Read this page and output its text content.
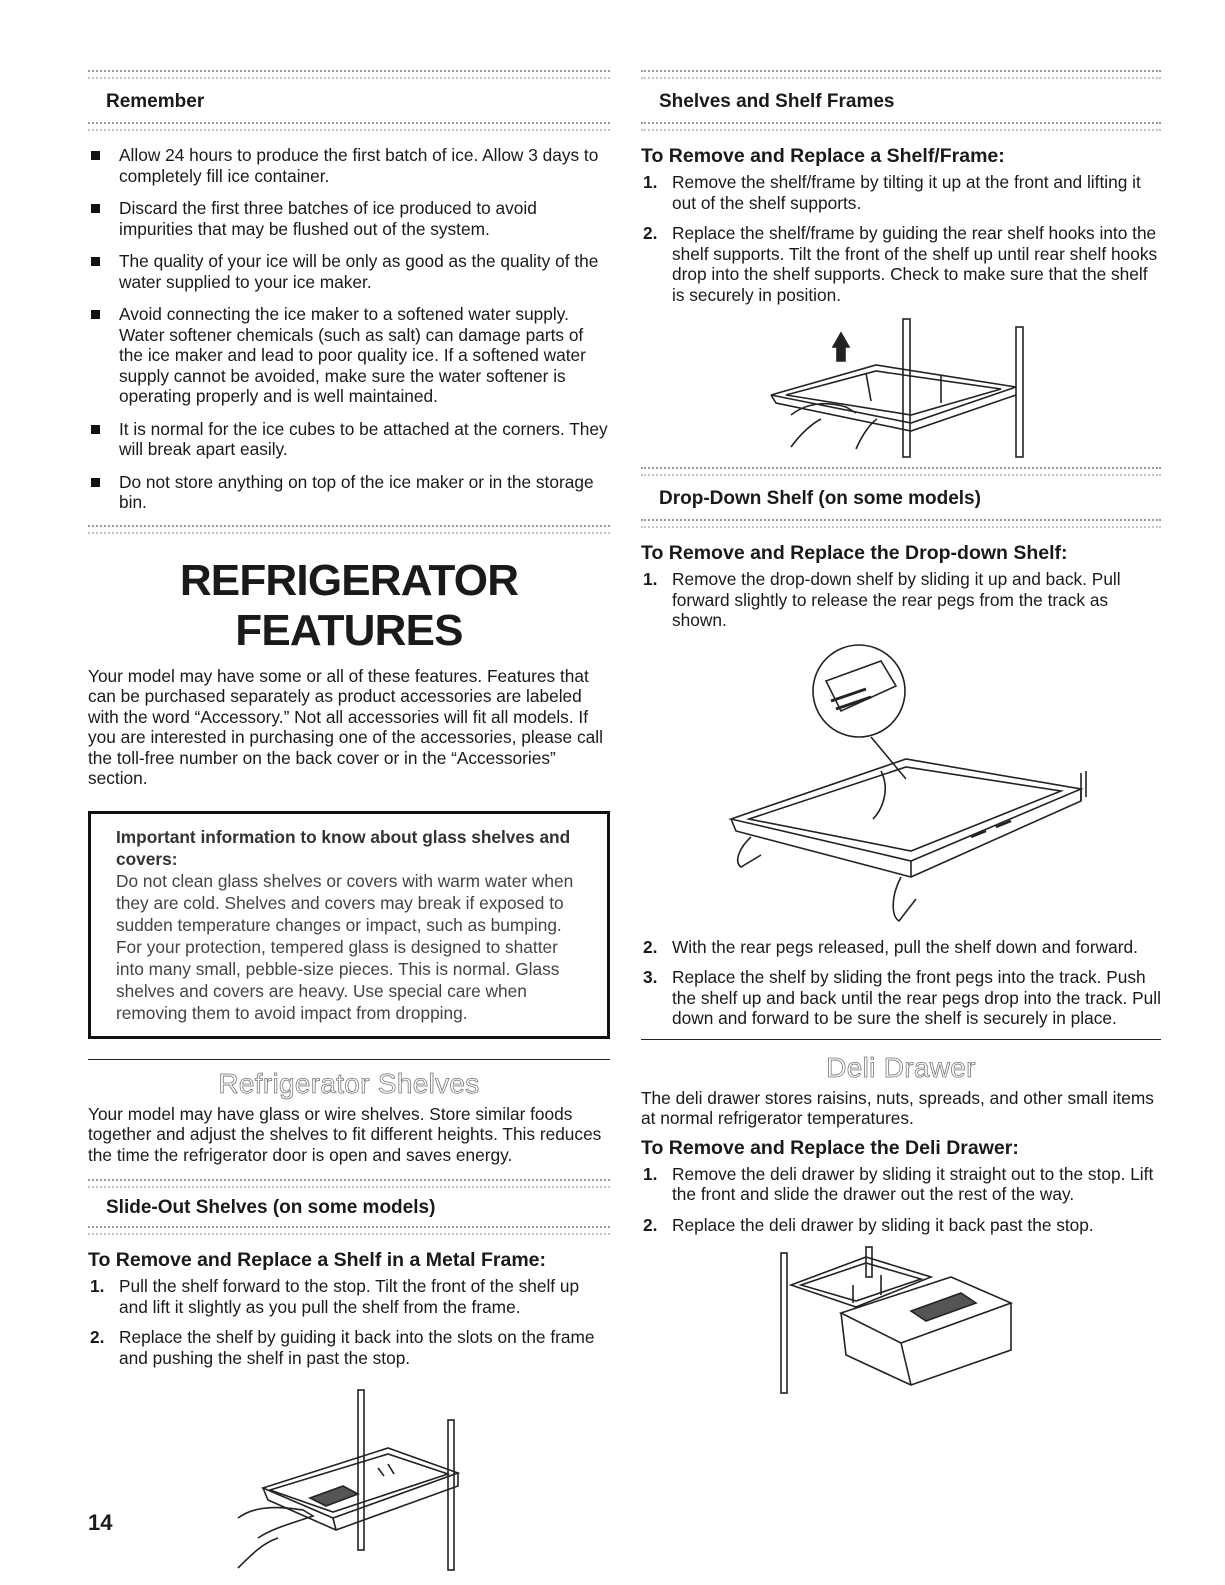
Remember
Allow 24 hours to produce the first batch of ice. Allow 3 days to completely fill ice container.
Discard the first three batches of ice produced to avoid impurities that may be flushed out of the system.
The quality of your ice will be only as good as the quality of the water supplied to your ice maker.
Avoid connecting the ice maker to a softened water supply. Water softener chemicals (such as salt) can damage parts of the ice maker and lead to poor quality ice. If a softened water supply cannot be avoided, make sure the water softener is operating properly and is well maintained.
It is normal for the ice cubes to be attached at the corners. They will break apart easily.
Do not store anything on top of the ice maker or in the storage bin.
REFRIGERATOR FEATURES

Your model may have some or all of these features. Features that can be purchased separately as product accessories are labeled with the word “Accessory.” Not all accessories will fit all models. If you are interested in purchasing one of the accessories, please call the toll-free number on the back cover or in the “Accessories” section.

Important information to know about glass shelves and covers:
Do not clean glass shelves or covers with warm water when they are cold. Shelves and covers may break if exposed to sudden temperature changes or impact, such as bumping. For your protection, tempered glass is designed to shatter into many small, pebble-size pieces. This is normal. Glass shelves and covers are heavy. Use special care when removing them to avoid impact from dropping.
Refrigerator Shelves

Your model may have glass or wire shelves. Store similar foods together and adjust the shelves to fit different heights. This reduces the time the refrigerator door is open and saves energy.

Slide-Out Shelves (on some models)
To Remove and Replace a Shelf in a Metal Frame:
1. Pull the shelf forward to the stop. Tilt the front of the shelf up and lift it slightly as you pull the shelf from the frame.
2. Replace the shelf by guiding it back into the slots on the frame and pushing the shelf in past the stop.
Shelves and Shelf Frames
To Remove and Replace a Shelf/Frame:
1. Remove the shelf/frame by tilting it up at the front and lifting it out of the shelf supports.
2. Replace the shelf/frame by guiding the rear shelf hooks into the shelf supports. Tilt the front of the shelf up until rear shelf hooks drop into the shelf supports. Check to make sure that the shelf is securely in position.
Drop-Down Shelf (on some models)
To Remove and Replace the Drop-down Shelf:
1. Remove the drop-down shelf by sliding it up and back. Pull forward slightly to release the rear pegs from the track as shown.
2. With the rear pegs released, pull the shelf down and forward.
3. Replace the shelf by sliding the front pegs into the track. Push the shelf up and back until the rear pegs drop into the track. Pull down and forward to be sure the shelf is securely in place.
Deli Drawer

The deli drawer stores raisins, nuts, spreads, and other small items at normal refrigerator temperatures.

To Remove and Replace the Deli Drawer:
1. Remove the deli drawer by sliding it straight out to the stop. Lift the front and slide the drawer out the rest of the way.
2. Replace the deli drawer by sliding it back past the stop.
14
